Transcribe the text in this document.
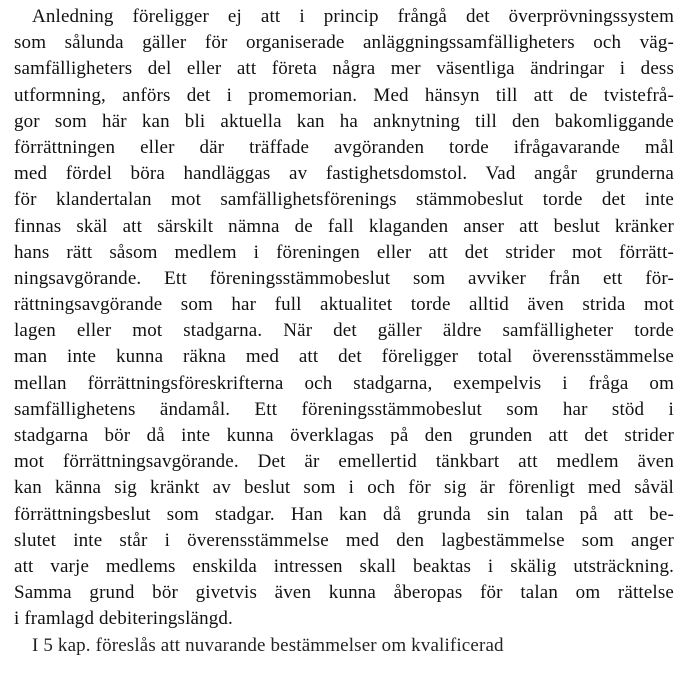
Anledning föreligger ej att i princip frångå det överprövningssystem
som sålunda gäller för organiserade anläggningssamfälligheters och väg-
samfälligheters del eller att företa några mer väsentliga ändringar i dess
utformning, anförs det i promemorian. Med hänsyn till att de tvistefrå-
gor som här kan bli aktuella kan ha anknytning till den bakomliggande
förrättningen eller där träffade avgöranden torde ifrågavarande mål
med fördel böra handläggas av fastighetsdomstol. Vad angår grunderna
för klandertalan mot samfällighetsförenings stämmobeslut torde det inte
finnas skäl att särskilt nämna de fall klaganden anser att beslut kränker
hans rätt såsom medlem i föreningen eller att det strider mot förrätt-
ningsavgörande. Ett föreningsstämmobeslut som avviker från ett för-
rättningsavgörande som har full aktualitet torde alltid även strida mot
lagen eller mot stadgarna. När det gäller äldre samfälligheter torde
man inte kunna räkna med att det föreligger total överensstämmelse
mellan förrättningsföreskrifterna och stadgarna, exempelvis i fråga om
samfällighetens ändamål. Ett föreningsstämmobeslut som har stöd i
stadgarna bör då inte kunna överklagas på den grunden att det strider
mot förrättningsavgörande. Det är emellertid tänkbart att medlem även
kan känna sig kränkt av beslut som i och för sig är förenligt med såväl
förrättningsbeslut som stadgar. Han kan då grunda sin talan på att be-
slutet inte står i överensstämmelse med den lagbestämmelse som anger
att varje medlems enskilda intressen skall beaktas i skälig utsträckning.
Samma grund bör givetvis även kunna åberopas för talan om rättelse
i framlagd debiteringslängd.
I 5 kap. föreslås att nuvarande bestämmelser om kvalificerad
